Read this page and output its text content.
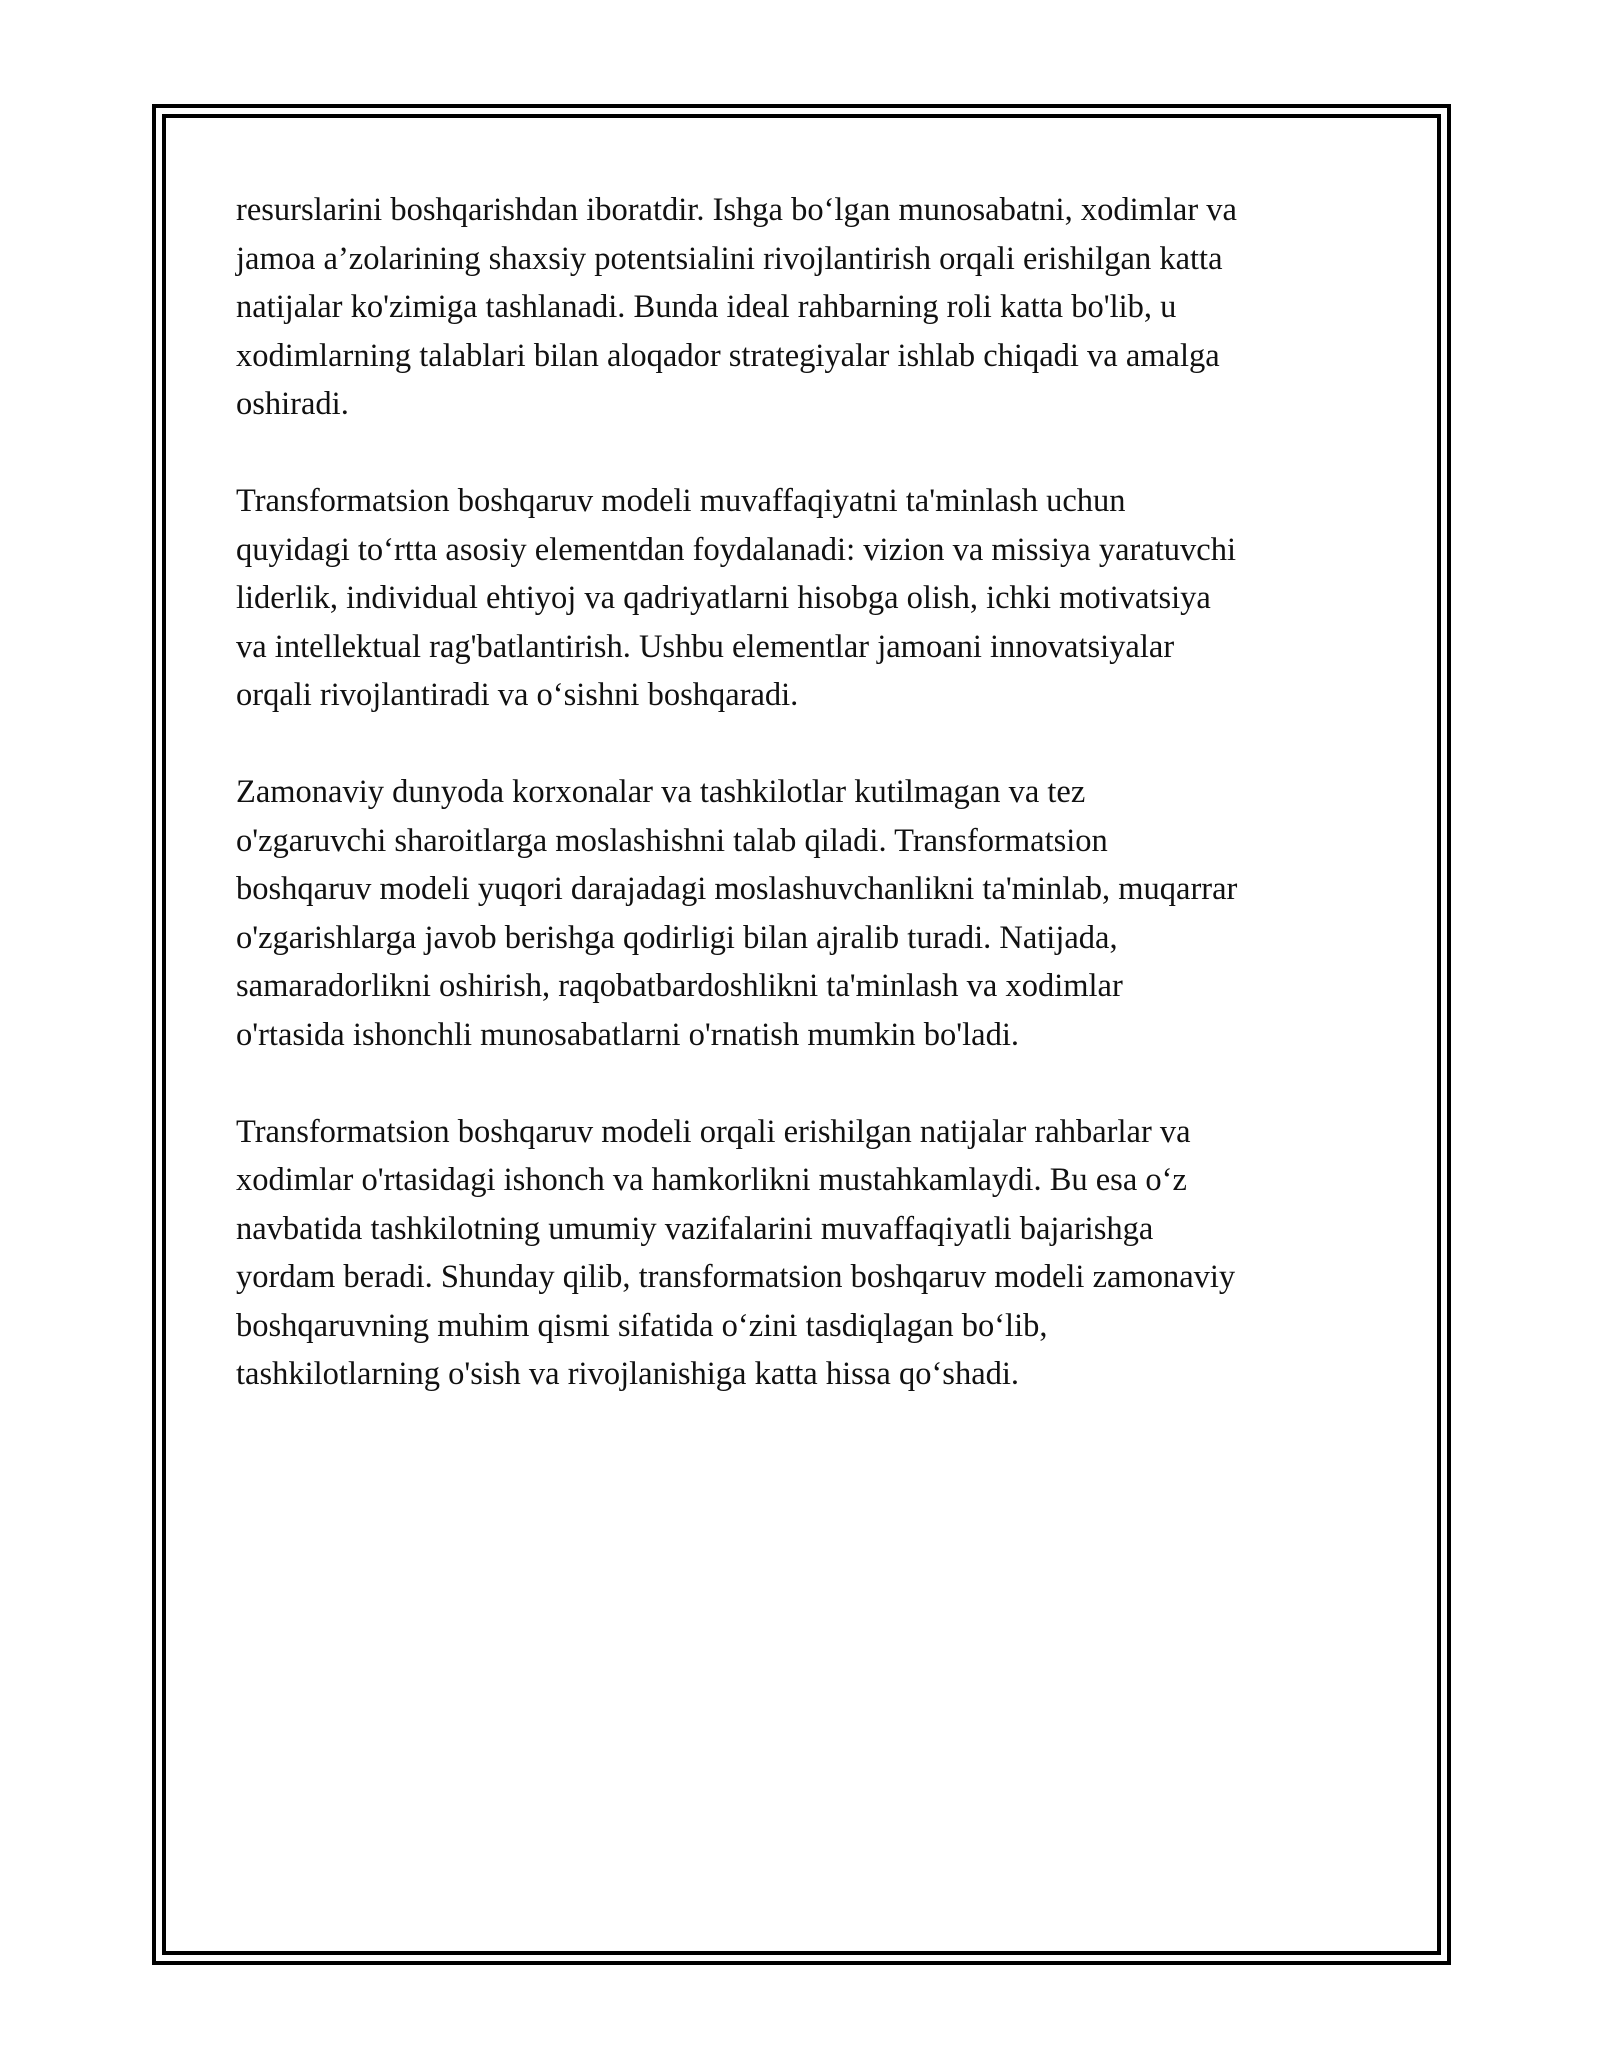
resurslarini boshqarishdan iboratdir. Ishga bo‘lgan munosabatni, xodimlar va
jamoa a’zolarining shaxsiy potentsialini rivojlantirish orqali erishilgan katta
natijalar ko'zimiga tashlanadi. Bunda ideal rahbarning roli katta bo'lib, u
xodimlarning talablari bilan aloqador strategiyalar ishlab chiqadi va amalga
oshiradi.

Transformatsion boshqaruv modeli muvaffaqiyatni ta'minlash uchun
quyidagi to‘rtta asosiy elementdan foydalanadi: vizion va missiya yaratuvchi
liderlik, individual ehtiyoj va qadriyatlarni hisobga olish, ichki motivatsiya
va intellektual rag'batlantirish. Ushbu elementlar jamoani innovatsiyalar
orqali rivojlantiradi va o‘sishni boshqaradi.

Zamonaviy dunyoda korxonalar va tashkilotlar kutilmagan va tez
o'zgaruvchi sharoitlarga moslashishni talab qiladi. Transformatsion
boshqaruv modeli yuqori darajadagi moslashuvchanlikni ta'minlab, muqarrar
o'zgarishlarga javob berishga qodirligi bilan ajralib turadi. Natijada,
samaradorlikni oshirish, raqobatbardoshlikni ta'minlash va xodimlar
o'rtasida ishonchli munosabatlarni o'rnatish mumkin bo'ladi.

Transformatsion boshqaruv modeli orqali erishilgan natijalar rahbarlar va
xodimlar o'rtasidagi ishonch va hamkorlikni mustahkamlaydi. Bu esa o‘z
navbatida tashkilotning umumiy vazifalarini muvaffaqiyatli bajarishga
yordam beradi. Shunday qilib, transformatsion boshqaruv modeli zamonaviy
boshqaruvning muhim qismi sifatida o‘zini tasdiqlagan bo‘lib,
tashkilotlarning o'sish va rivojlanishiga katta hissa qo‘shadi.
